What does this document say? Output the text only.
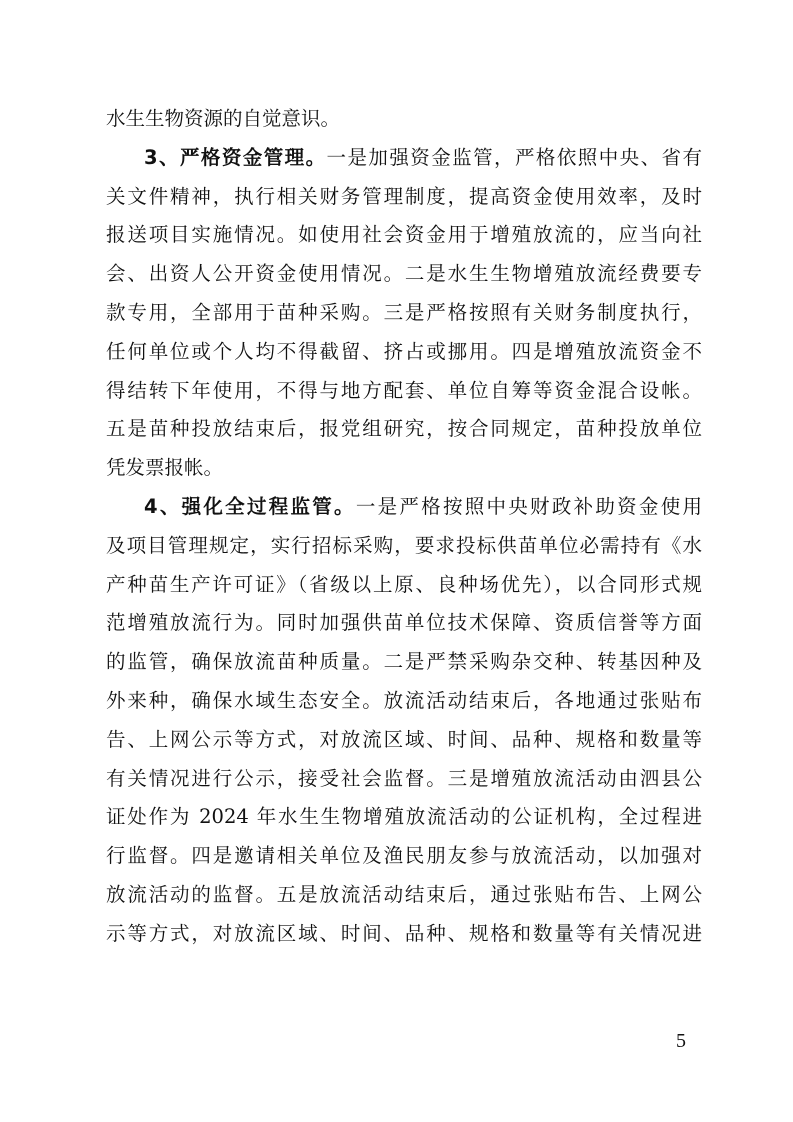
水生生物资源的自觉意识。
3、严格资金管理。一是加强资金监管，严格依照中央、省有
关文件精神，执行相关财务管理制度，提高资金使用效率，及时
报送项目实施情况。如使用社会资金用于增殖放流的，应当向社
会、出资人公开资金使用情况。二是水生生物增殖放流经费要专
款专用，全部用于苗种采购。三是严格按照有关财务制度执行，
任何单位或个人均不得截留、挤占或挪用。四是增殖放流资金不
得结转下年使用，不得与地方配套、单位自筹等资金混合设帐。
五是苗种投放结束后，报党组研究，按合同规定，苗种投放单位
凭发票报帐。
4、强化全过程监管。一是严格按照中央财政补助资金使用
及项目管理规定，实行招标采购，要求投标供苗单位必需持有《水
产种苗生产许可证》（省级以上原、良种场优先），以合同形式规
范增殖放流行为。同时加强供苗单位技术保障、资质信誉等方面
的监管，确保放流苗种质量。二是严禁采购杂交种、转基因种及
外来种，确保水域生态安全。放流活动结束后，各地通过张贴布
告、上网公示等方式，对放流区域、时间、品种、规格和数量等
有关情况进行公示，接受社会监督。三是增殖放流活动由泗县公
证处作为 2024 年水生生物增殖放流活动的公证机构，全过程进
行监督。四是邀请相关单位及渔民朋友参与放流活动，以加强对
放流活动的监督。五是放流活动结束后，通过张贴布告、上网公
示等方式，对放流区域、时间、品种、规格和数量等有关情况进
5
